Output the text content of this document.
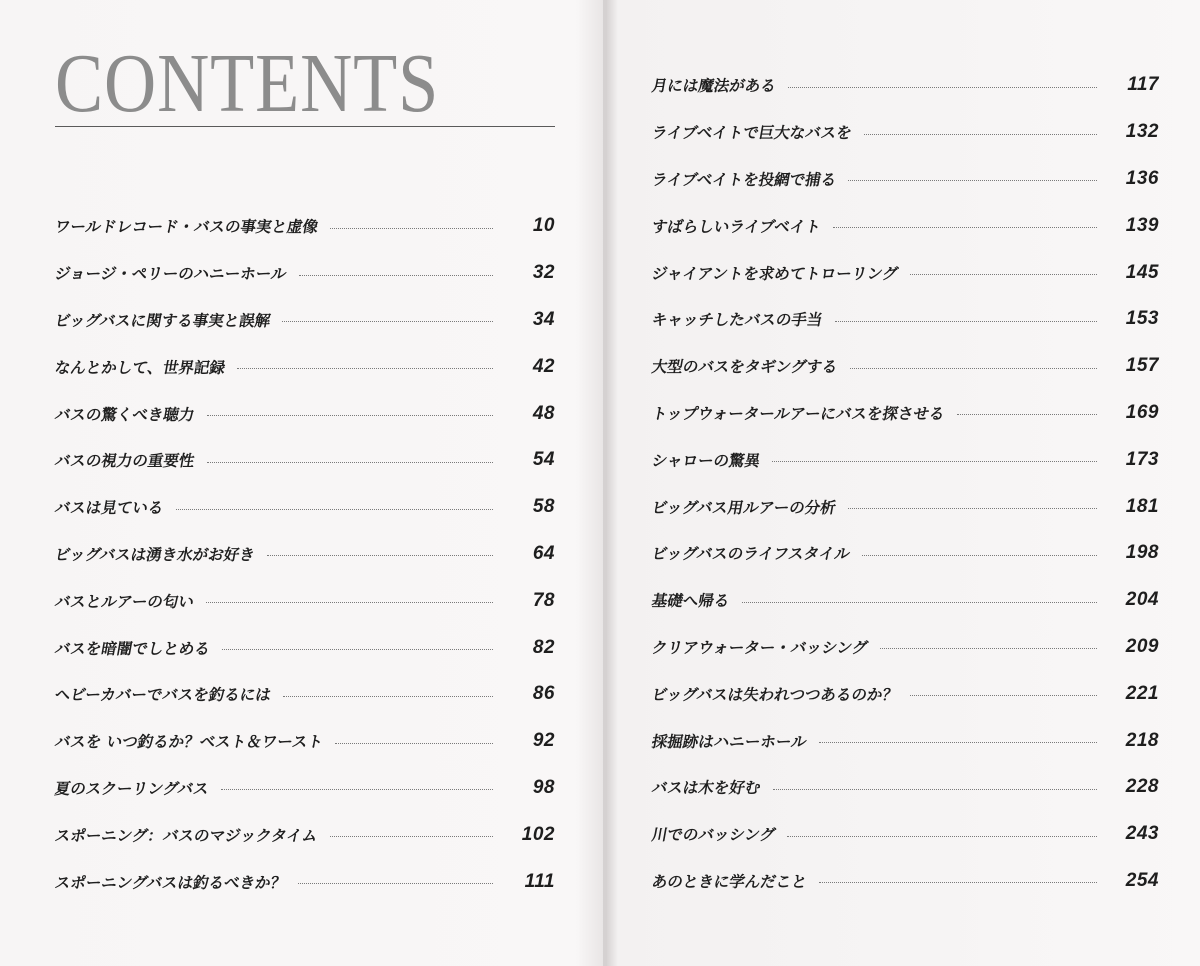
CONTENTS
ワールドレコード・バスの事実と虚像	10
ジョージ・ペリーのハニーホール	32
ビッグバスに関する事実と誤解	34
なんとかして、世界記録	42
バスの驚くべき聴力	48
バスの視力の重要性	54
バスは見ている	58
ビッグバスは湧き水がお好き	64
バスとルアーの匂い	78
バスを暗闇でしとめる	82
ヘビーカバーでバスを釣るには	86
バスを いつ釣るか？ベスト＆ワースト	92
夏のスクーリングバス	98
スポーニング：バスのマジックタイム	102
スポーニングバスは釣るべきか？	111
月には魔法がある	117
ライブベイトで巨大なバスを	132
ライブベイトを投網で捕る	136
すばらしいライブベイト	139
ジャイアントを求めてトローリング	145
キャッチしたバスの手当	153
大型のバスをタギングする	157
トップウォータールアーにバスを探させる	169
シャローの驚異	173
ビッグバス用ルアーの分析	181
ビッグバスのライフスタイル	198
基礎へ帰る	204
クリアウォーター・バッシング	209
ビッグバスは失われつつあるのか？	221
採掘跡はハニーホール	218
バスは木を好む	228
川でのバッシング	243
あのときに学んだこと	254
